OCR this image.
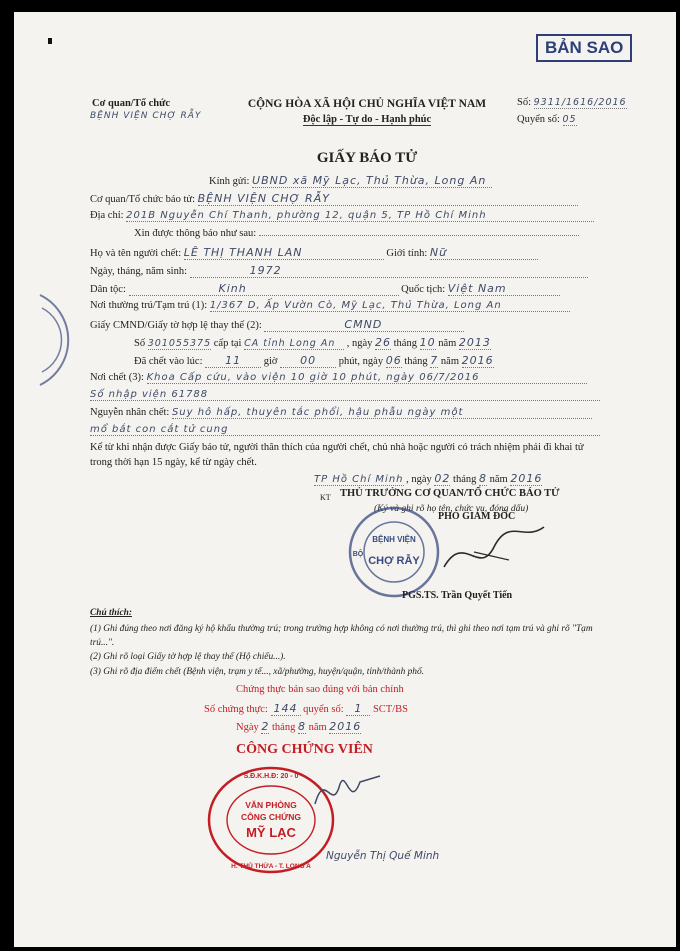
BẢN SAO
Cơ quan/Tổ chức
BỆNH VIỆN CHỢ RẪY
CỘNG HÒA XÃ HỘI CHỦ NGHĨA VIỆT NAM
Độc lập - Tự do - Hạnh phúc
Số: 9311/1616/2016
Quyển số: 05
GIẤY BÁO TỬ
Kính gửi: UBND xã Mỹ Lạc, Thủ Thừa, Long An
Cơ quan/Tổ chức báo tử: BỆNH VIỆN CHỢ RẪY
Địa chỉ: 201B Nguyễn Chí Thanh, phường 12, quận 5, TP Hồ Chí Minh
Xin được thông báo như sau:
Họ và tên người chết: LÊ THỊ THANH LAN	Giới tính: Nữ
Ngày, tháng, năm sinh:	1972
Dân tộc:	Kinh	Quốc tịch: Việt Nam
Nơi thường trú/Tạm trú (1): 1/367 D, Ấp Vườn Cò, Mỹ Lạc, Thủ Thừa, Long An
Giấy CMND/Giấy tờ hợp lệ thay thế (2):	CMND
Số 301055375 cấp tại CA tỉnh Long An , ngày 26 tháng 10 năm 2013
Đã chết vào lúc: 11 giờ 00 phút, ngày 06 tháng 7 năm 2016
Nơi chết (3): Khoa Cấp cứu, vào viện 10 giờ 10 phút, ngày 06/7/2016
Số nhập viện 61788
Nguyễn nhân chết: Suy hô hấp, thuyên tắc phổi, hậu phẫu ngày một
mổ bắt con cắt tử cung
Kể từ khi nhận được Giấy báo tử, người thân thích của người chết, chủ nhà hoặc người có trách nhiệm phải đi khai tử trong thời hạn 15 ngày, kể từ ngày chết.
TP Hồ Chí Minh , ngày 02 tháng 8 năm 2016
KT THỦ TRƯỞNG CƠ QUAN/TỔ CHỨC BÁO TỬ
(Ký và ghi rõ họ tên, chức vụ, đóng dấu)
PHÓ GIÁM ĐỐC
BỆNH VIỆN
CHỢ RẪY
BỘ
PGS.TS. Trần Quyết Tiến
Chú thích:
(1) Ghi đúng theo nơi đăng ký hộ khẩu thường trú; trong trường hợp không có nơi thường trú, thì ghi theo nơi tạm trú và ghi rõ "Tạm trú...".
(2) Ghi rõ loại Giấy tờ hợp lệ thay thế (Hộ chiếu...).
(3) Ghi rõ địa điểm chết (Bệnh viện, trạm y tế..., xã/phường, huyện/quận, tỉnh/thành phố.
Chứng thực bản sao đúng với bản chính
Số chứng thực: 144 quyển số: 1 SCT/BS
Ngày 2 tháng 8 năm 2016
CÔNG CHỨNG VIÊN
S.Đ.K.H.Đ: 20 - 0
H. THỦ THỪA - T. LONG A
VĂN PHÒNG
CÔNG CHỨNG
MỸ LẠC
Nguyễn Thị Quế Minh
